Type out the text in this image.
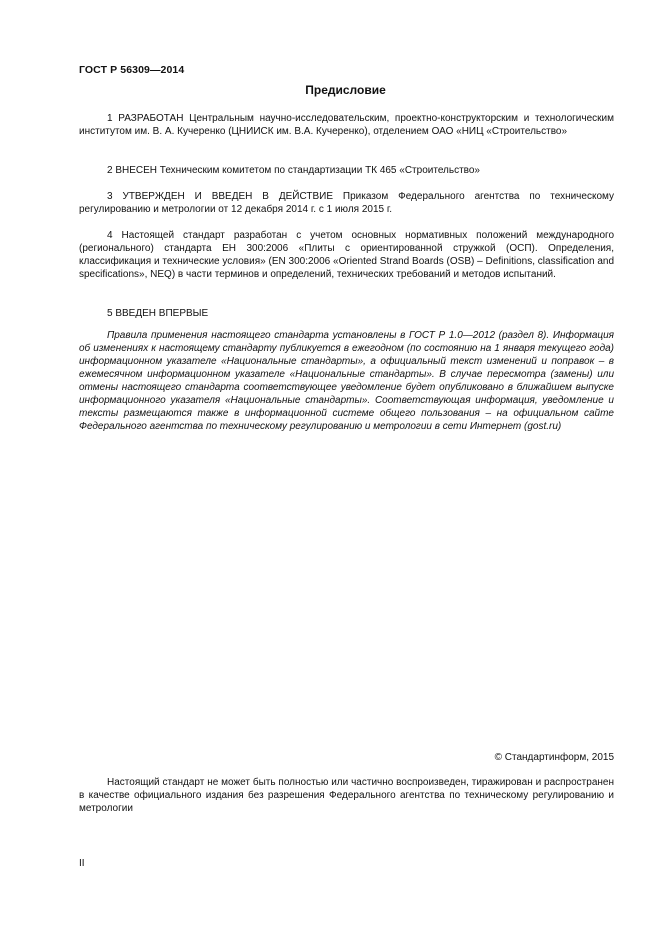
ГОСТ Р 56309—2014
Предисловие

1 РАЗРАБОТАН Центральным научно-исследовательским, проектно-конструкторским и технологическим институтом им. В. А. Кучеренко (ЦНИИСК им. В.А. Кучеренко), отделением ОАО «НИЦ «Строительство»

2 ВНЕСЕН Техническим комитетом по стандартизации ТК 465 «Строительство»

3 УТВЕРЖДЕН И ВВЕДЕН В ДЕЙСТВИЕ Приказом Федерального агентства по техническому регулированию и метрологии от 12 декабря 2014 г. с 1 июля 2015 г.

4 Настоящей стандарт разработан с учетом основных нормативных положений международного (регионального) стандарта ЕН 300:2006 «Плиты с ориентированной стружкой (ОСП). Определения, классификация и технические условия» (EN 300:2006 «Oriented Strand Boards (OSB) – Definitions, classification and specifications», NEQ) в части терминов и определений, технических требований и методов испытаний.

5 ВВЕДЕН ВПЕРВЫЕ

Правила применения настоящего стандарта установлены в ГОСТ Р 1.0—2012 (раздел 8). Информация об изменениях к настоящему стандарту публикуется в ежегодном (по состоянию на 1 января текущего года) информационном указателе «Национальные стандарты», а официальный текст изменений и поправок – в ежемесячном информационном указателе «Национальные стандарты». В случае пересмотра (замены) или отмены настоящего стандарта соответствующее уведомление будет опубликовано в ближайшем выпуске информационного указателя «Национальные стандарты». Соответствующая информация, уведомление и тексты размещаются также в информационной системе общего пользования – на официальном сайте Федерального агентства по техническому регулированию и метрологии в сети Интернет (gost.ru)

© Стандартинформ, 2015

Настоящий стандарт не может быть полностью или частично воспроизведен, тиражирован и распространен в качестве официального издания без разрешения Федерального агентства по техническому регулированию и метрологии

II
